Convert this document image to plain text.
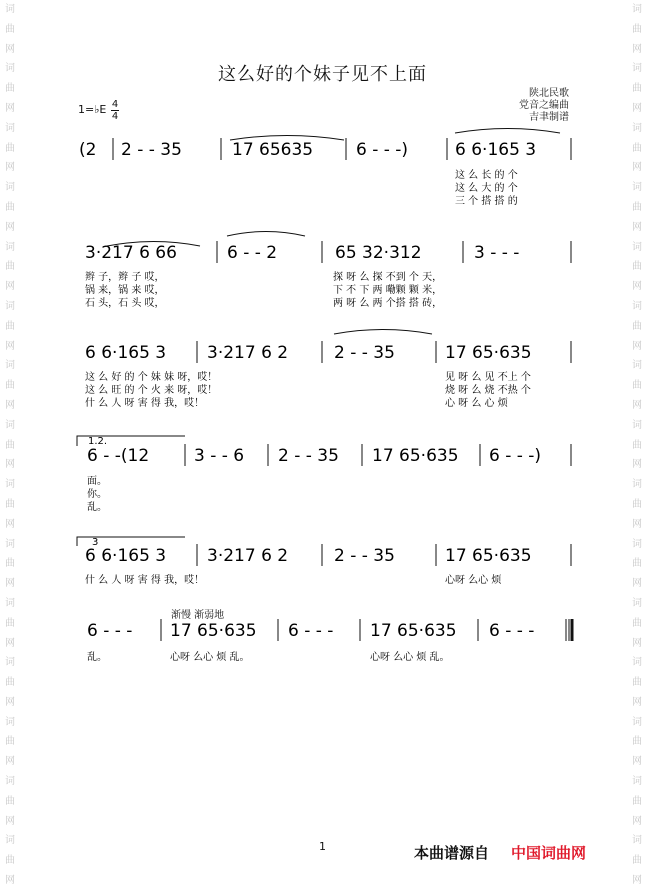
词
曲
网
词
曲
网
词
曲
网
词
曲
网
词
曲
网
词
曲
网
词
曲
网
词
曲
网
词
曲
网
词
曲
网
词
曲
网
词
曲
网
词
曲
网
词
曲
网
词
曲
网
词
曲
网
词
曲
网
词
曲
网
词
曲
网
词
曲
网
词
曲
网
词
曲
网
词
曲
网
词
曲
网
词
曲
网
词
曲
网
词
曲
网
词
曲
网
词
曲
网
词
曲
网
这么好的个妹子见不上面
陕北民歌
党音之编曲
吉聿制谱
1=♭E 4
4
渐慢 渐弱地
(2 2 - - 35	17 65635	6 - - -)	6 6·165 3
这 么 长 的 个
这 么 大 的 个
三 个 搭 搭 的
3·217 6 66	6 - - 2	65 32·312	3 - - -
辫 子，辫 子 哎，	探 呀 么 探 不到 个 天，
锅 来，锅 来 哎，	下 不 下 两 嘞颗 颗 米，
石 头，石 头 哎，	两 呀 么 两 个搭 搭 砖，
6 6·165 3 3·217 6 2	2 - - 35	17 65·635
这 么 好 的 个 妹 妹 呀，哎！	见 呀 么 见 不上 个
这 么 旺 的 个 火 来 呀，哎！	烧 呀 么 烧 不热 个
什 么 人 呀 害 得 我，哎！	心 呀 么 心 烦
6 - -(12	3 - - 6 2 - - 35 17 65·635 6 - - -)
面。
你。
乱。
6 6·165 3 3·217 6 2	2 - - 35	17 65·635
什 么 人 呀 害 得 我，哎！	心呀 么心 烦
6 - - - 17 65·635 6 - - - 17 65·635 6 - - -
乱。	心呀 么心 烦 乱。	心呀 么心 烦 乱。
1.2.
3
1	本曲谱源自 中国词曲网
